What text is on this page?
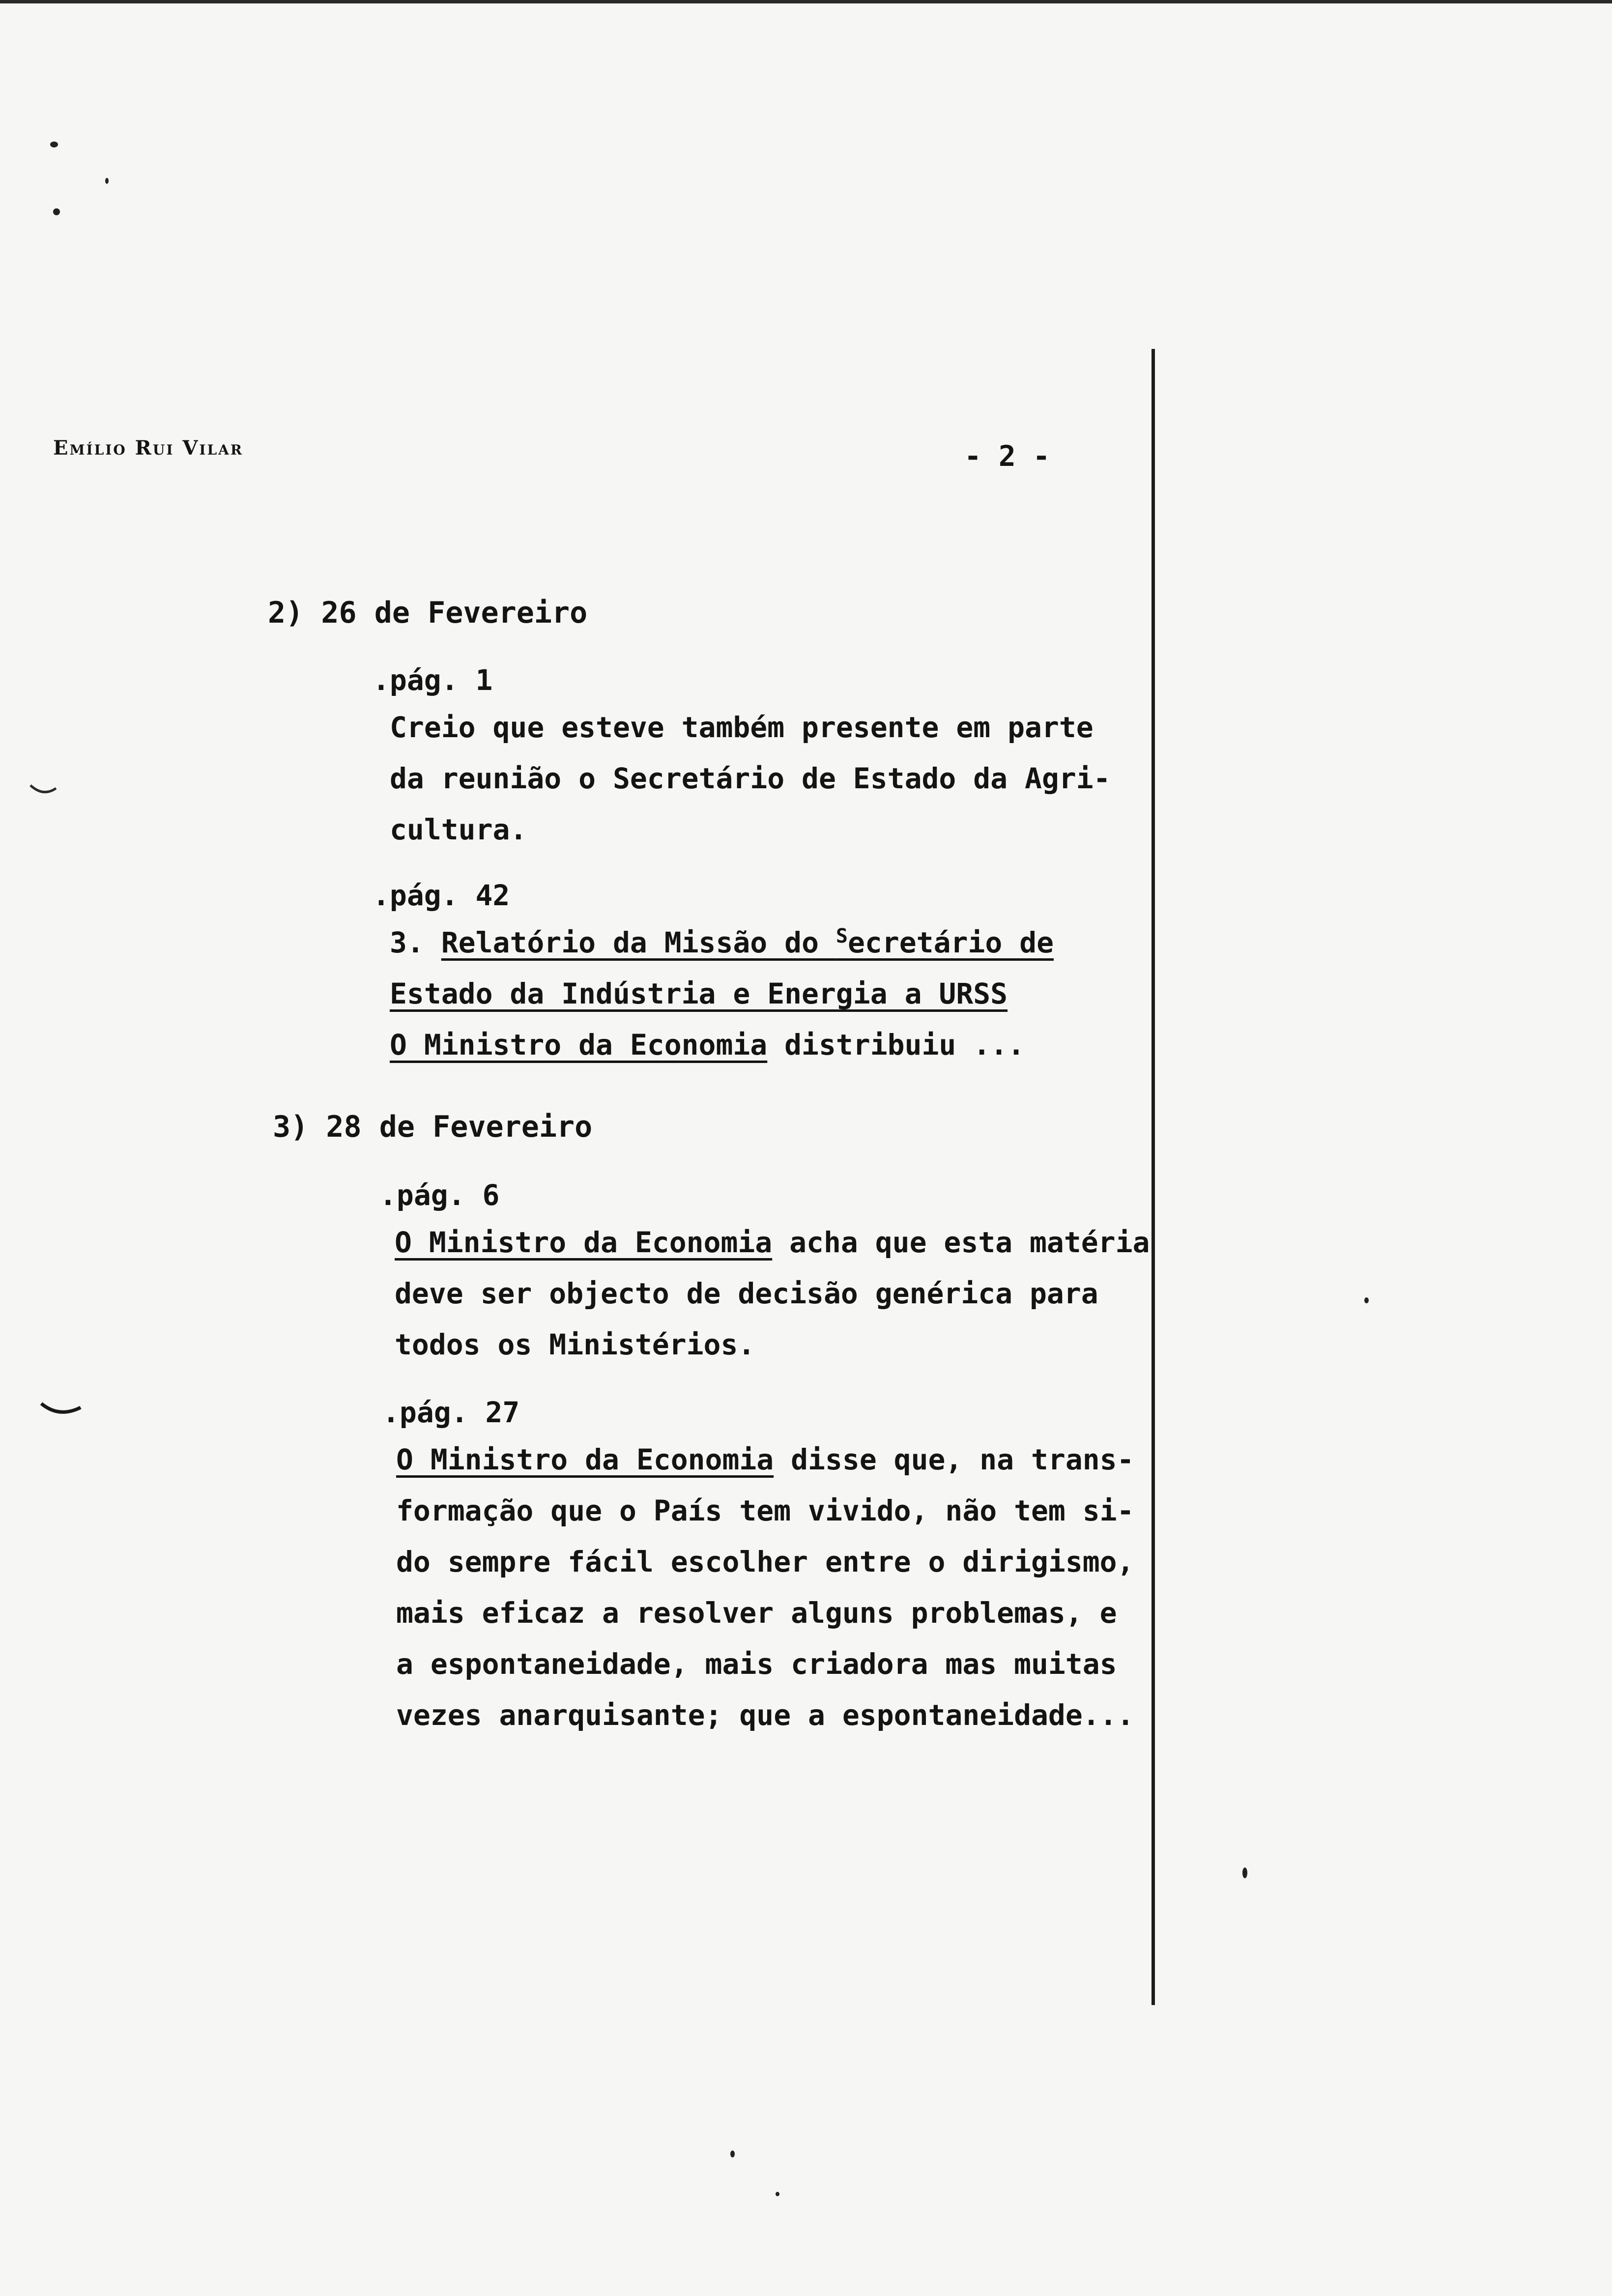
Emílio Rui Vilar	- 2 -
2) 26 de Fevereiro
.pág. 1
Creio que esteve também presente em parte
da reunião o Secretário de Estado da Agri-
cultura.
.pág. 42
3. Relatório da Missão do $^S$ecretário de
Estado da Indústria e Energia a URSS
O Ministro da Economia distribuiu ...
3) 28 de Fevereiro
.pág. 6
O Ministro da Economia acha que esta matéria
deve ser objecto de decisão genérica para
todos os Ministérios.
.pág. 27
O Ministro da Economia disse que, na trans-
formação que o País tem vivido, não tem si-
do sempre fácil escolher entre o dirigismo,
mais eficaz a resolver alguns problemas, e
a espontaneidade, mais criadora mas muitas
vezes anarquisante; que a espontaneidade...
